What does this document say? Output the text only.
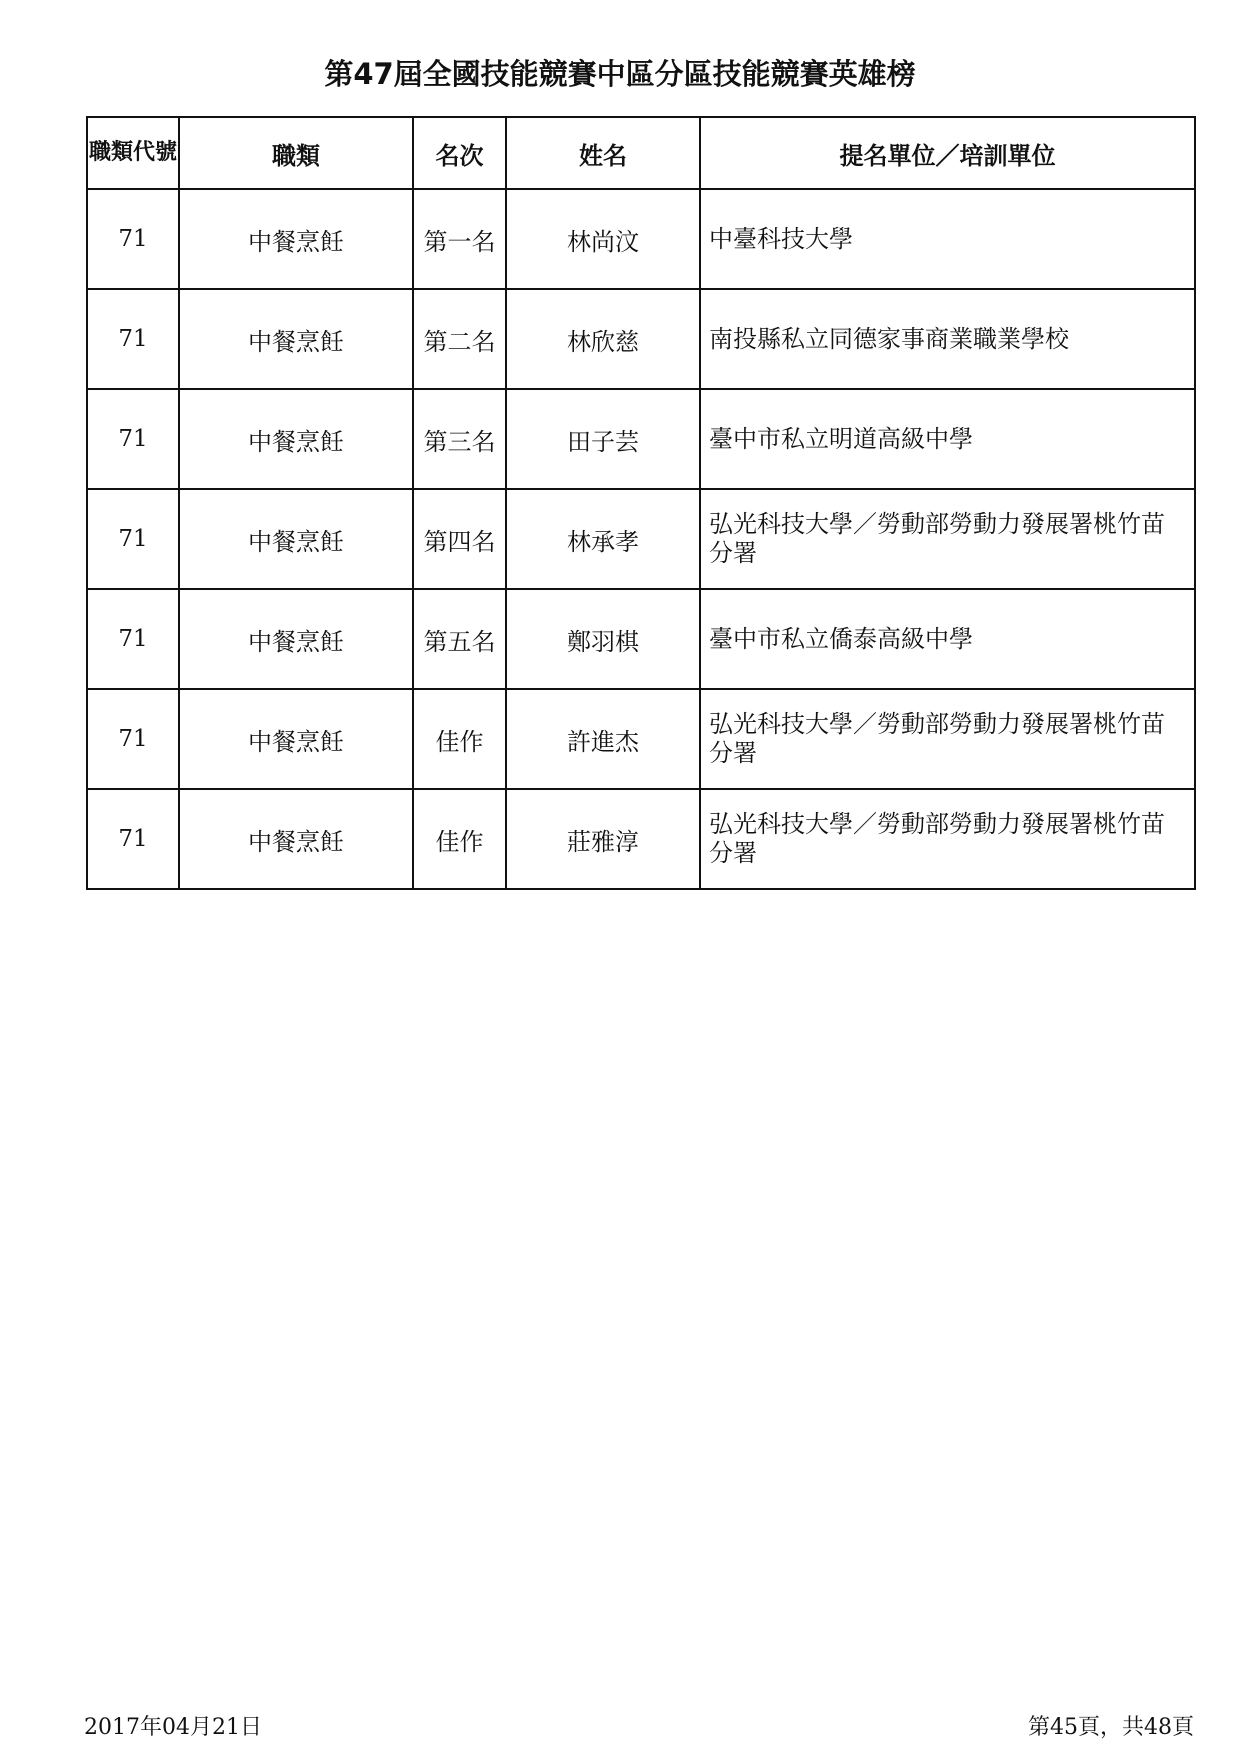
第47屆全國技能競賽中區分區技能競賽英雄榜
職類代號	職類	名次	姓名	提名單位／培訓單位
71	中餐烹飪	第一名	林尚汶	中臺科技大學
71	中餐烹飪	第二名	林欣慈	南投縣私立同德家事商業職業學校
71	中餐烹飪	第三名	田子芸	臺中市私立明道高級中學
71	中餐烹飪	第四名	林承孝	弘光科技大學／勞動部勞動力發展署桃竹苗分署
71	中餐烹飪	第五名	鄭羽棋	臺中市私立僑泰高級中學
71	中餐烹飪	佳作	許進杰	弘光科技大學／勞動部勞動力發展署桃竹苗分署
71	中餐烹飪	佳作	莊雅淳	弘光科技大學／勞動部勞動力發展署桃竹苗分署
2017年04月21日	第45頁，共48頁
